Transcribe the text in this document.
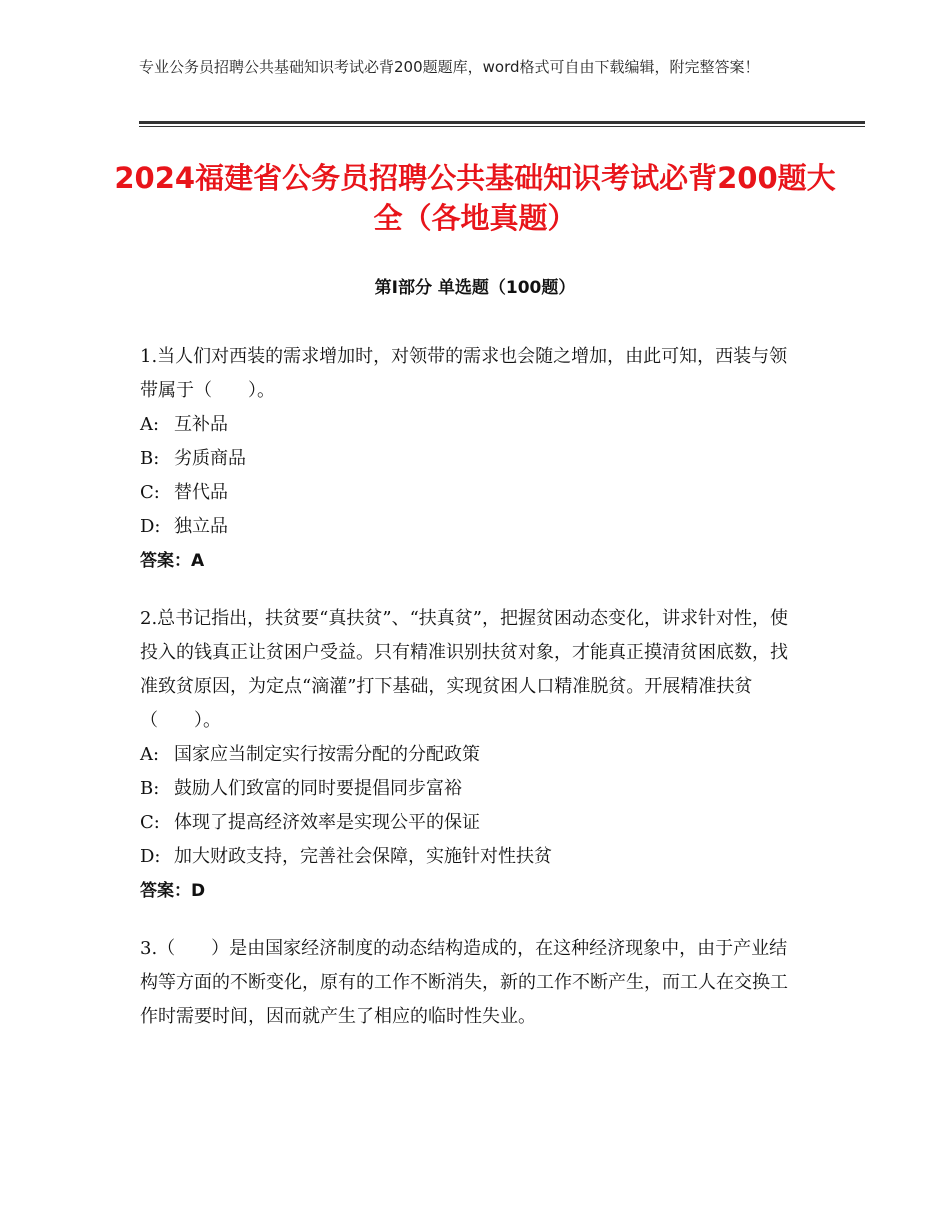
专业公务员招聘公共基础知识考试必背200题题库，word格式可自由下载编辑，附完整答案！
2024福建省公务员招聘公共基础知识考试必背200题大全（各地真题）
第Ⅰ部分 单选题（100题）

1.当人们对西装的需求增加时，对领带的需求也会随之增加，由此可知，西装与领带属于（　　）。

A: 互补品

B: 劣质商品

C: 替代品

D: 独立品

答案：A

2.总书记指出，扶贫要“真扶贫”、“扶真贫”，把握贫困动态变化，讲求针对性，使投入的钱真正让贫困户受益。只有精准识别扶贫对象，才能真正摸清贫困底数，找准致贫原因，为定点“滴灌”打下基础，实现贫困人口精准脱贫。开展精准扶贫（　　）。

A: 国家应当制定实行按需分配的分配政策

B: 鼓励人们致富的同时要提倡同步富裕

C: 体现了提高经济效率是实现公平的保证

D: 加大财政支持，完善社会保障，实施针对性扶贫

答案：D

3.（　　）是由国家经济制度的动态结构造成的，在这种经济现象中，由于产业结构等方面的不断变化，原有的工作不断消失，新的工作不断产生，而工人在交换工作时需要时间，因而就产生了相应的临时性失业。
